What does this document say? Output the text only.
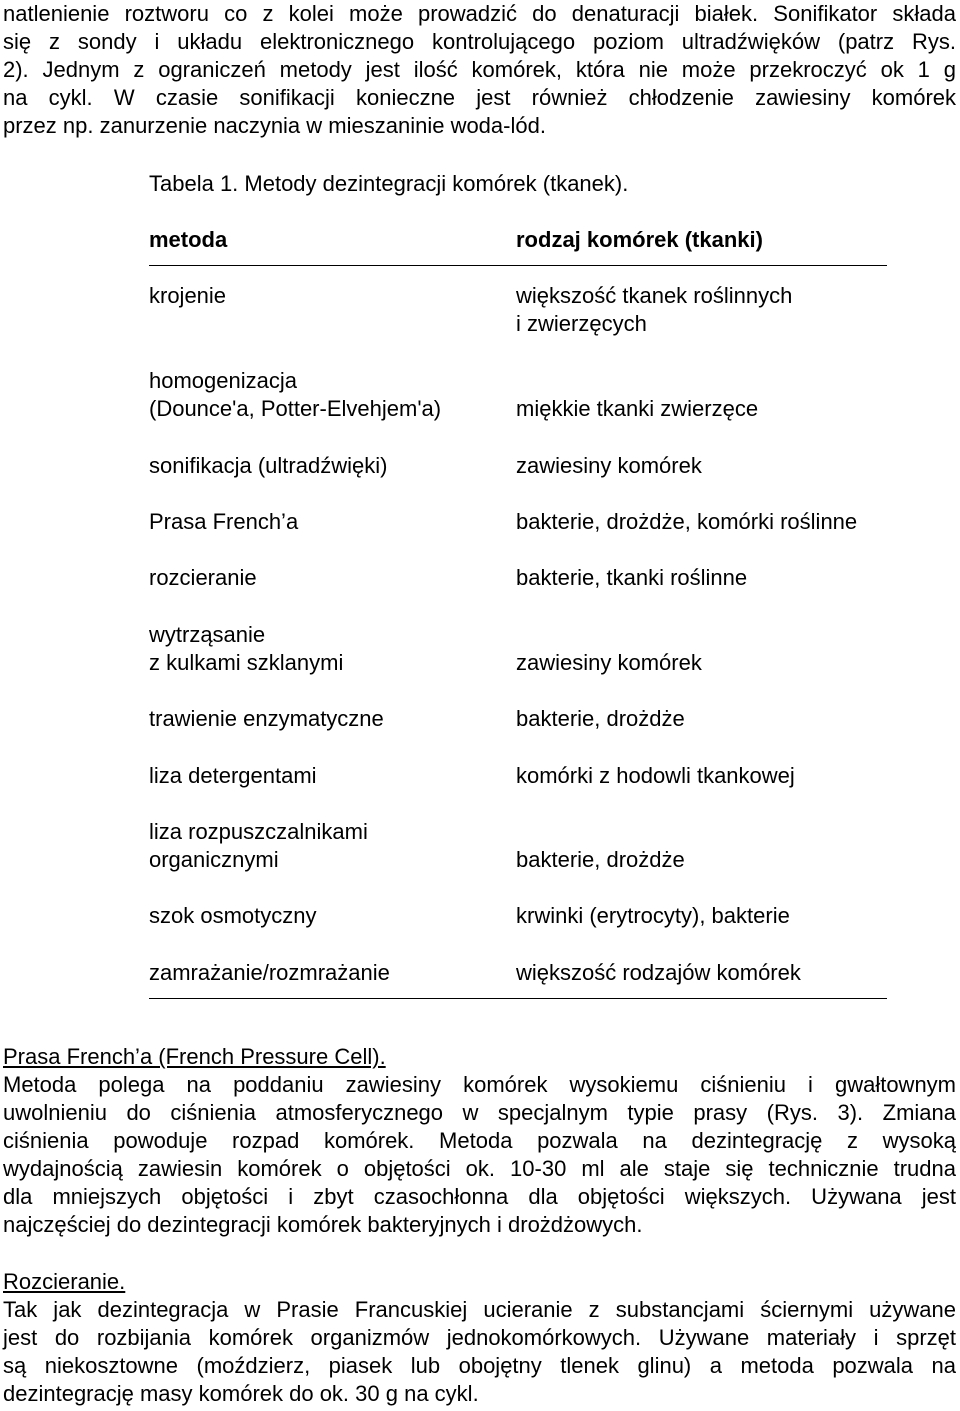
natlenienie roztworu co z kolei może prowadzić do denaturacji białek. Sonifikator składa
się z sondy i układu elektronicznego kontrolującego poziom ultradźwięków (patrz Rys.
2). Jednym z ograniczeń metody jest ilość komórek, która nie może przekroczyć ok 1 g
na cykl. W czasie sonifikacji konieczne jest również chłodzenie zawiesiny komórek
przez np. zanurzenie naczynia w mieszaninie woda-lód.
Tabela 1. Metody dezintegracji komórek (tkanek).
metoda	rodzaj komórek (tkanki)
krojenie	większość tkanek roślinnych
i zwierzęcych
homogenizacja
(Dounce'a, Potter-Elvehjem'a)	miękkie tkanki zwierzęce
sonifikacja (ultradźwięki)	zawiesiny komórek
Prasa French’a	bakterie, drożdże, komórki roślinne
rozcieranie	bakterie, tkanki roślinne
wytrząsanie
z kulkami szklanymi	zawiesiny komórek
trawienie enzymatyczne	bakterie, drożdże
liza detergentami	komórki z hodowli tkankowej
liza rozpuszczalnikami
organicznymi	bakterie, drożdże
szok osmotyczny	krwinki (erytrocyty), bakterie
zamrażanie/rozmrażanie	większość rodzajów komórek
Prasa French’a (French Pressure Cell).
Metoda polega na poddaniu zawiesiny komórek wysokiemu ciśnieniu i gwałtownym
uwolnieniu do ciśnienia atmosferycznego w specjalnym typie prasy (Rys. 3). Zmiana
ciśnienia powoduje rozpad komórek. Metoda pozwala na dezintegrację z wysoką
wydajnością zawiesin komórek o objętości ok. 10-30 ml ale staje się technicznie trudna
dla mniejszych objętości i zbyt czasochłonna dla objętości większych. Używana jest
najczęściej do dezintegracji komórek bakteryjnych i drożdżowych.
Rozcieranie.
Tak jak dezintegracja w Prasie Francuskiej ucieranie z substancjami ściernymi używane
jest do rozbijania komórek organizmów jednokomórkowych. Używane materiały i sprzęt
są niekosztowne (moździerz, piasek lub obojętny tlenek glinu) a metoda pozwala na
dezintegrację masy komórek do ok. 30 g na cykl.
